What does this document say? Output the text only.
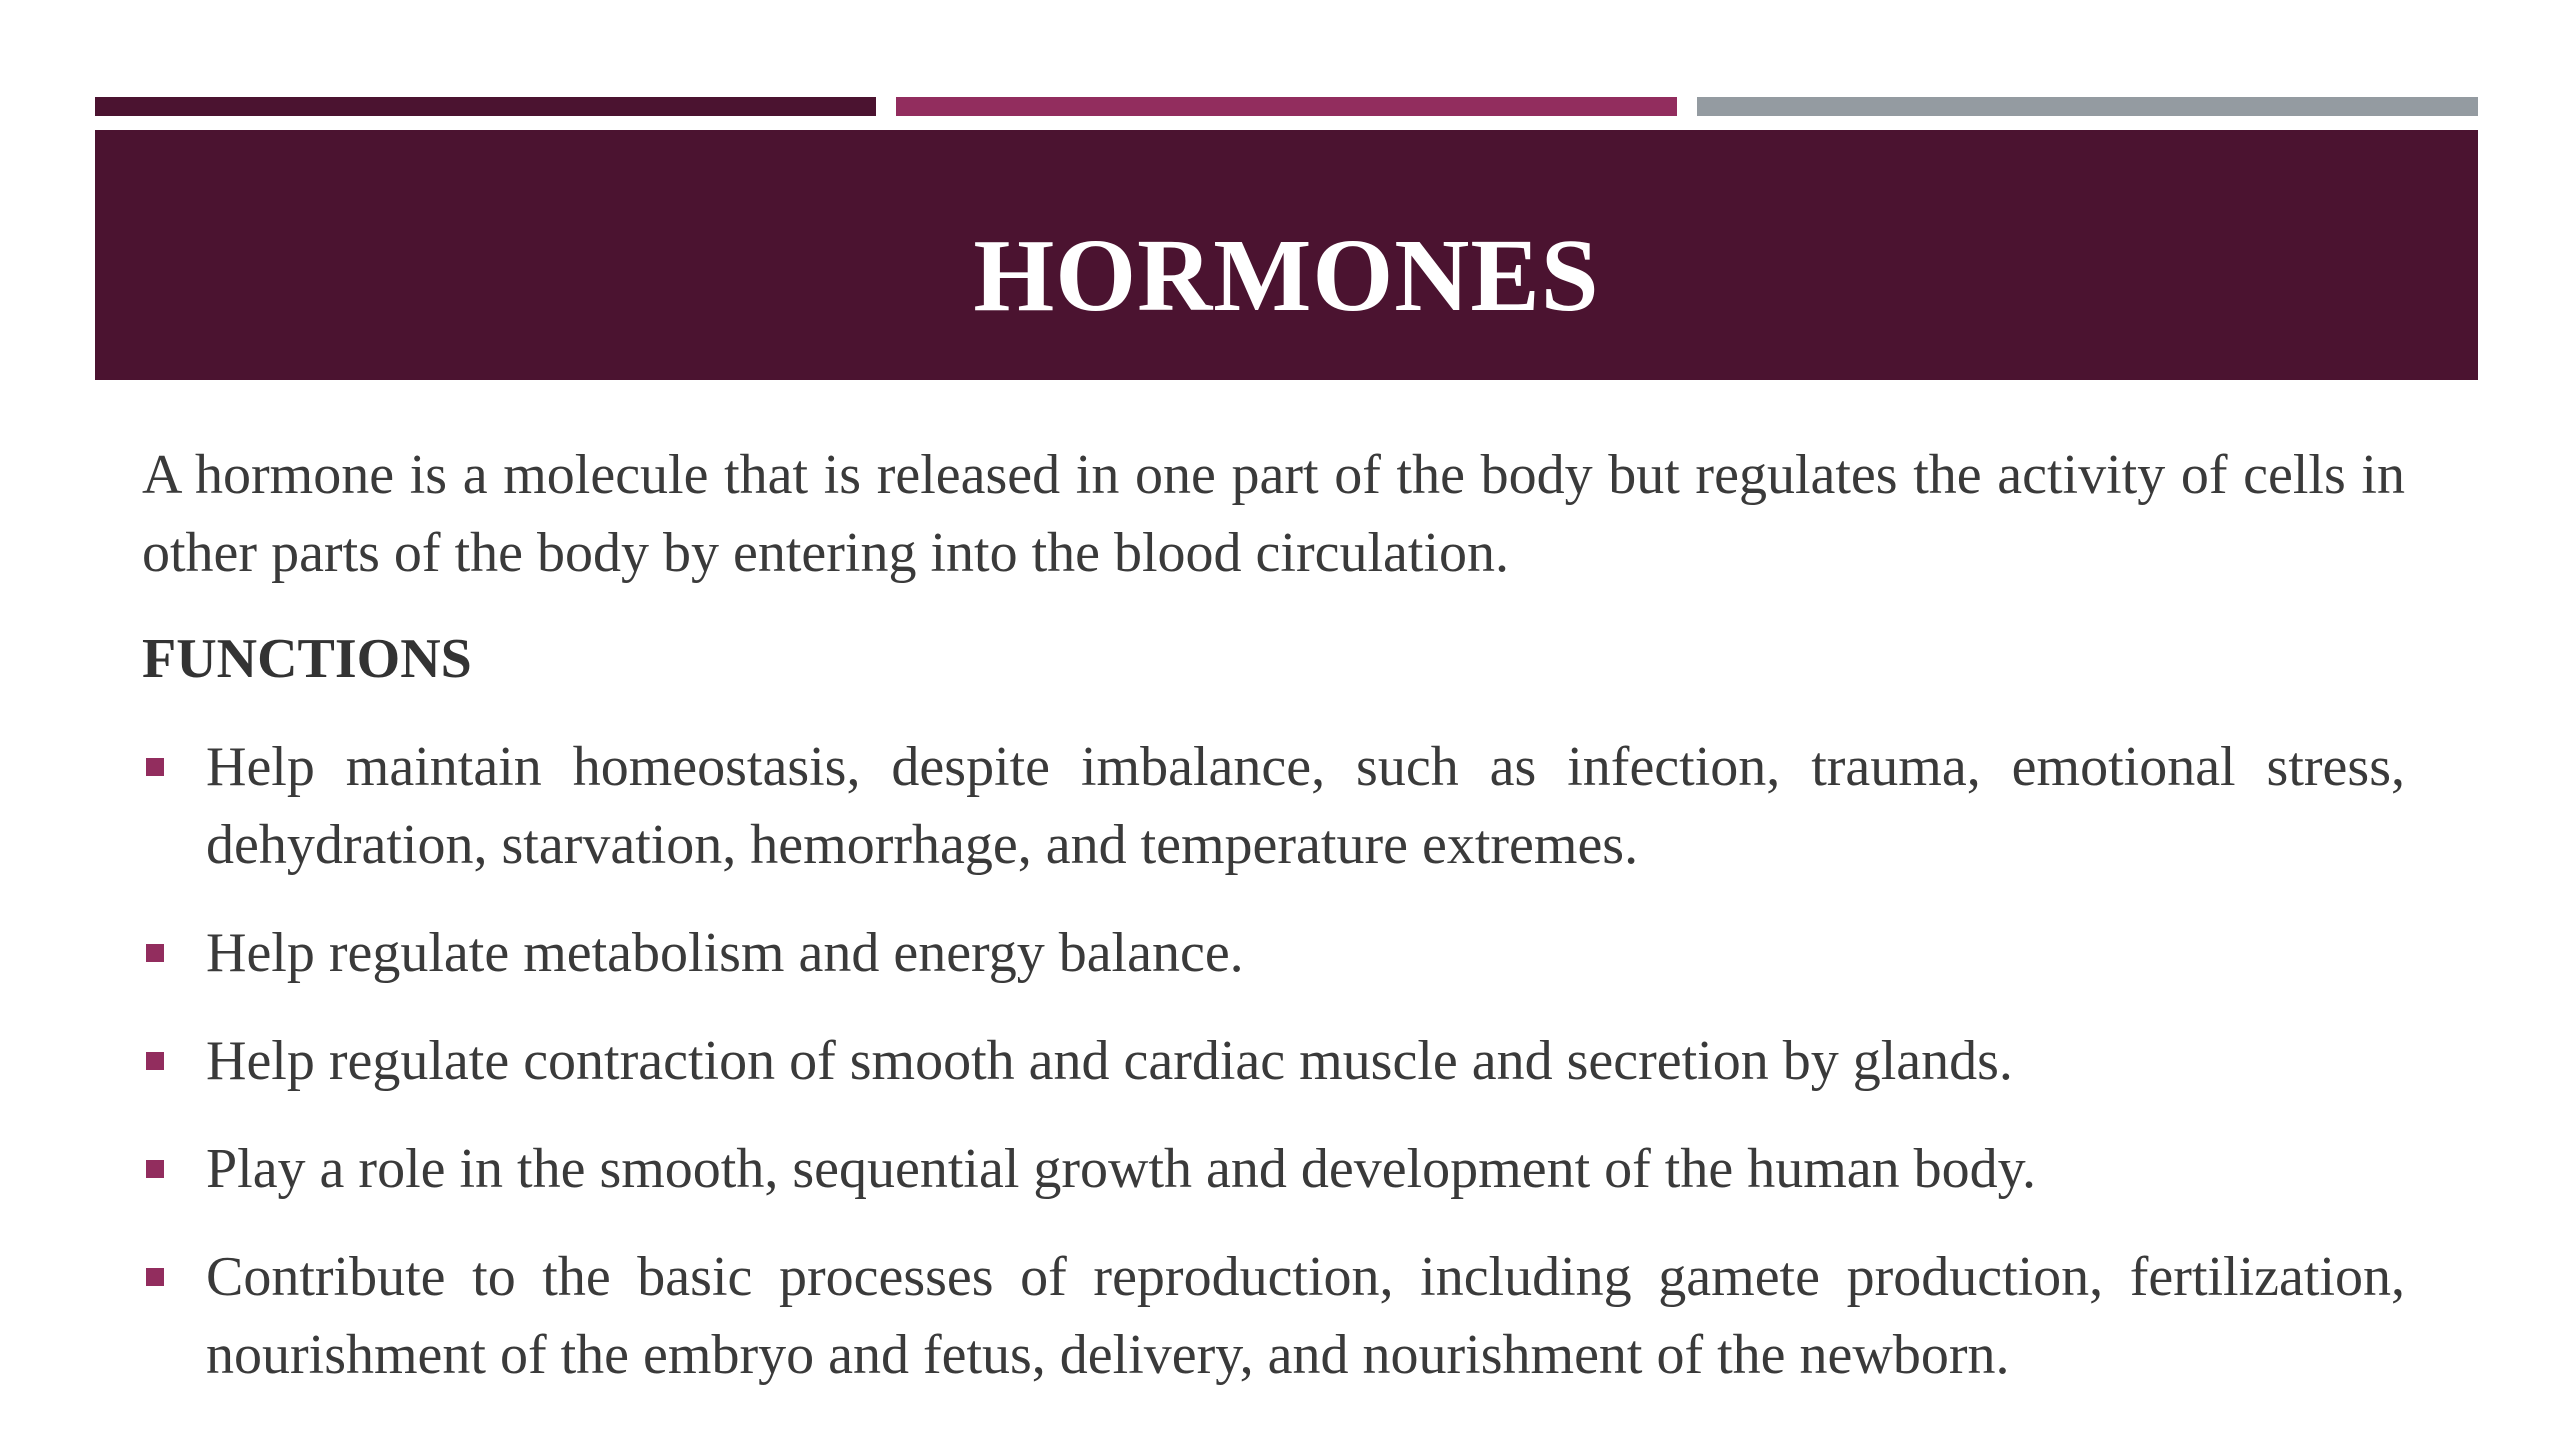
HORMONES

A hormone is a molecule that is released in one part of the body but regulates the activity of cells in other parts of the body by entering into the blood circulation.

FUNCTIONS
Help maintain homeostasis, despite imbalance, such as infection, trauma, emotional stress, dehydration, starvation, hemorrhage, and temperature extremes.
Help regulate metabolism and energy balance.
Help regulate contraction of smooth and cardiac muscle and secretion by glands.
Play a role in the smooth, sequential growth and development of the human body.
Contribute to the basic processes of reproduction, including gamete production, fertilization, nourishment of the embryo and fetus, delivery, and nourishment of the newborn.
